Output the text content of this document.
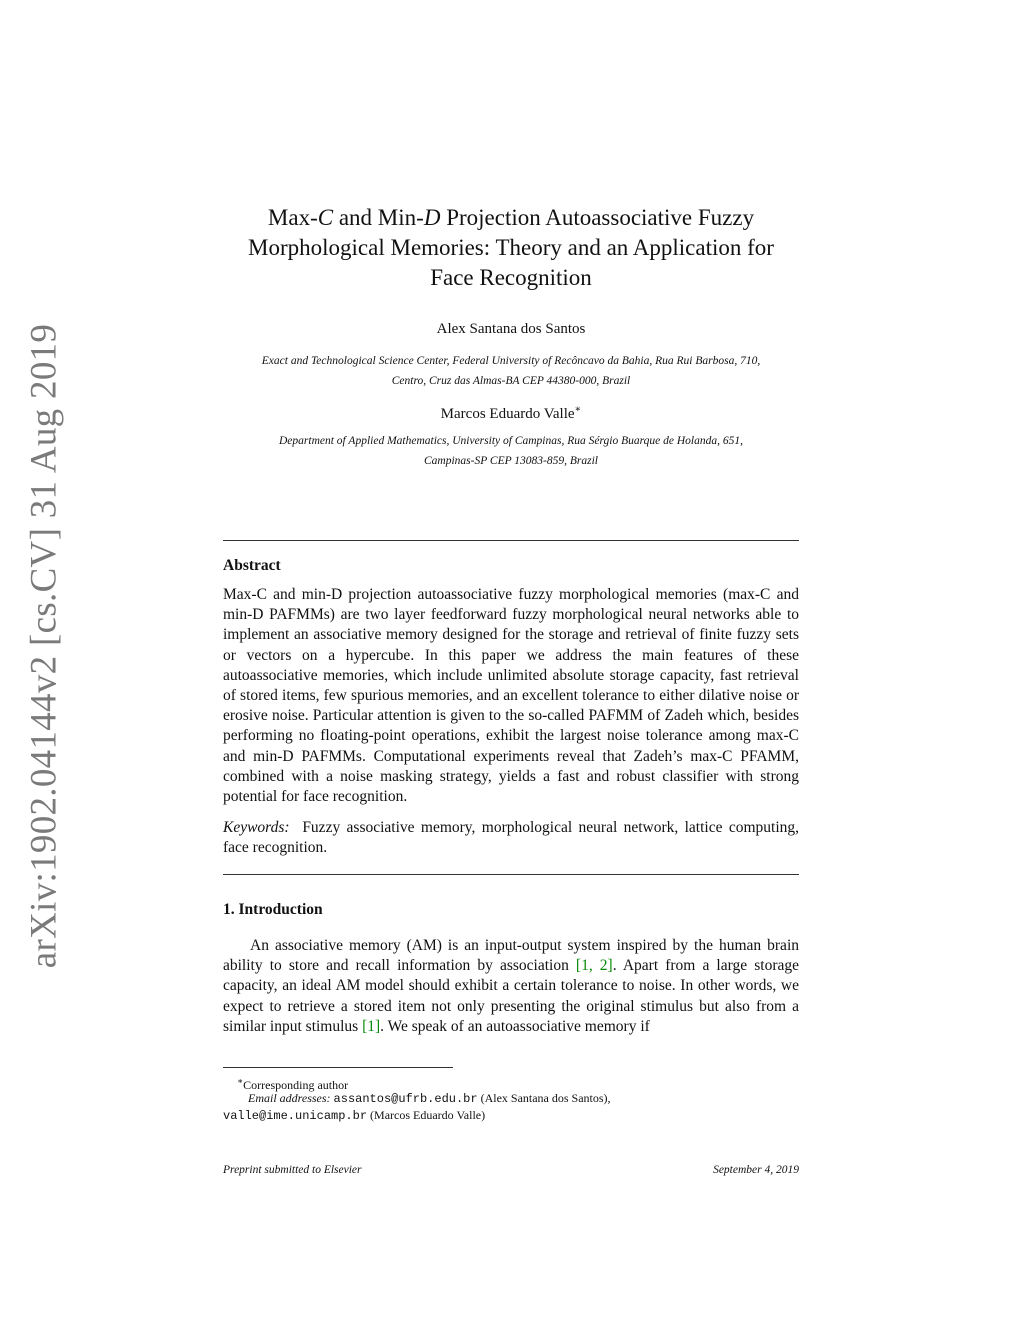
arXiv:1902.04144v2 [cs.CV] 31 Aug 2019
Max-C and Min-D Projection Autoassociative Fuzzy
Morphological Memories: Theory and an Application for
Face Recognition
Alex Santana dos Santos
Exact and Technological Science Center, Federal University of Recôncavo da Bahia, Rua Rui Barbosa, 710,
Centro, Cruz das Almas-BA CEP 44380-000, Brazil
Marcos Eduardo Valle∗
Department of Applied Mathematics, University of Campinas, Rua Sérgio Buarque de Holanda, 651,
Campinas-SP CEP 13083-859, Brazil
Abstract
Max-C and min-D projection autoassociative fuzzy morphological memories (max-C and min-D PAFMMs) are two layer feedforward fuzzy morphological neural networks able to implement an associative memory designed for the storage and retrieval of finite fuzzy sets or vectors on a hypercube. In this paper we address the main features of these autoassociative memories, which include unlimited absolute storage capacity, fast retrieval of stored items, few spurious memories, and an excellent tolerance to either dilative noise or erosive noise. Particular attention is given to the so-called PAFMM of Zadeh which, besides performing no floating-point operations, exhibit the largest noise tolerance among max-C and min-D PAFMMs. Computational experiments reveal that Zadeh’s max-C PFAMM, combined with a noise masking strategy, yields a fast and robust classifier with strong potential for face recognition.
Keywords: Fuzzy associative memory, morphological neural network, lattice computing, face recognition.
1. Introduction
An associative memory (AM) is an input-output system inspired by the human brain ability to store and recall information by association [1, 2]. Apart from a large storage capacity, an ideal AM model should exhibit a certain tolerance to noise. In other words, we expect to retrieve a stored item not only presenting the original stimulus but also from a similar input stimulus [1]. We speak of an autoassociative memory if
∗Corresponding author
Email addresses: assantos@ufrb.edu.br (Alex Santana dos Santos),
valle@ime.unicamp.br (Marcos Eduardo Valle)
Preprint submitted to Elsevier	September 4, 2019
